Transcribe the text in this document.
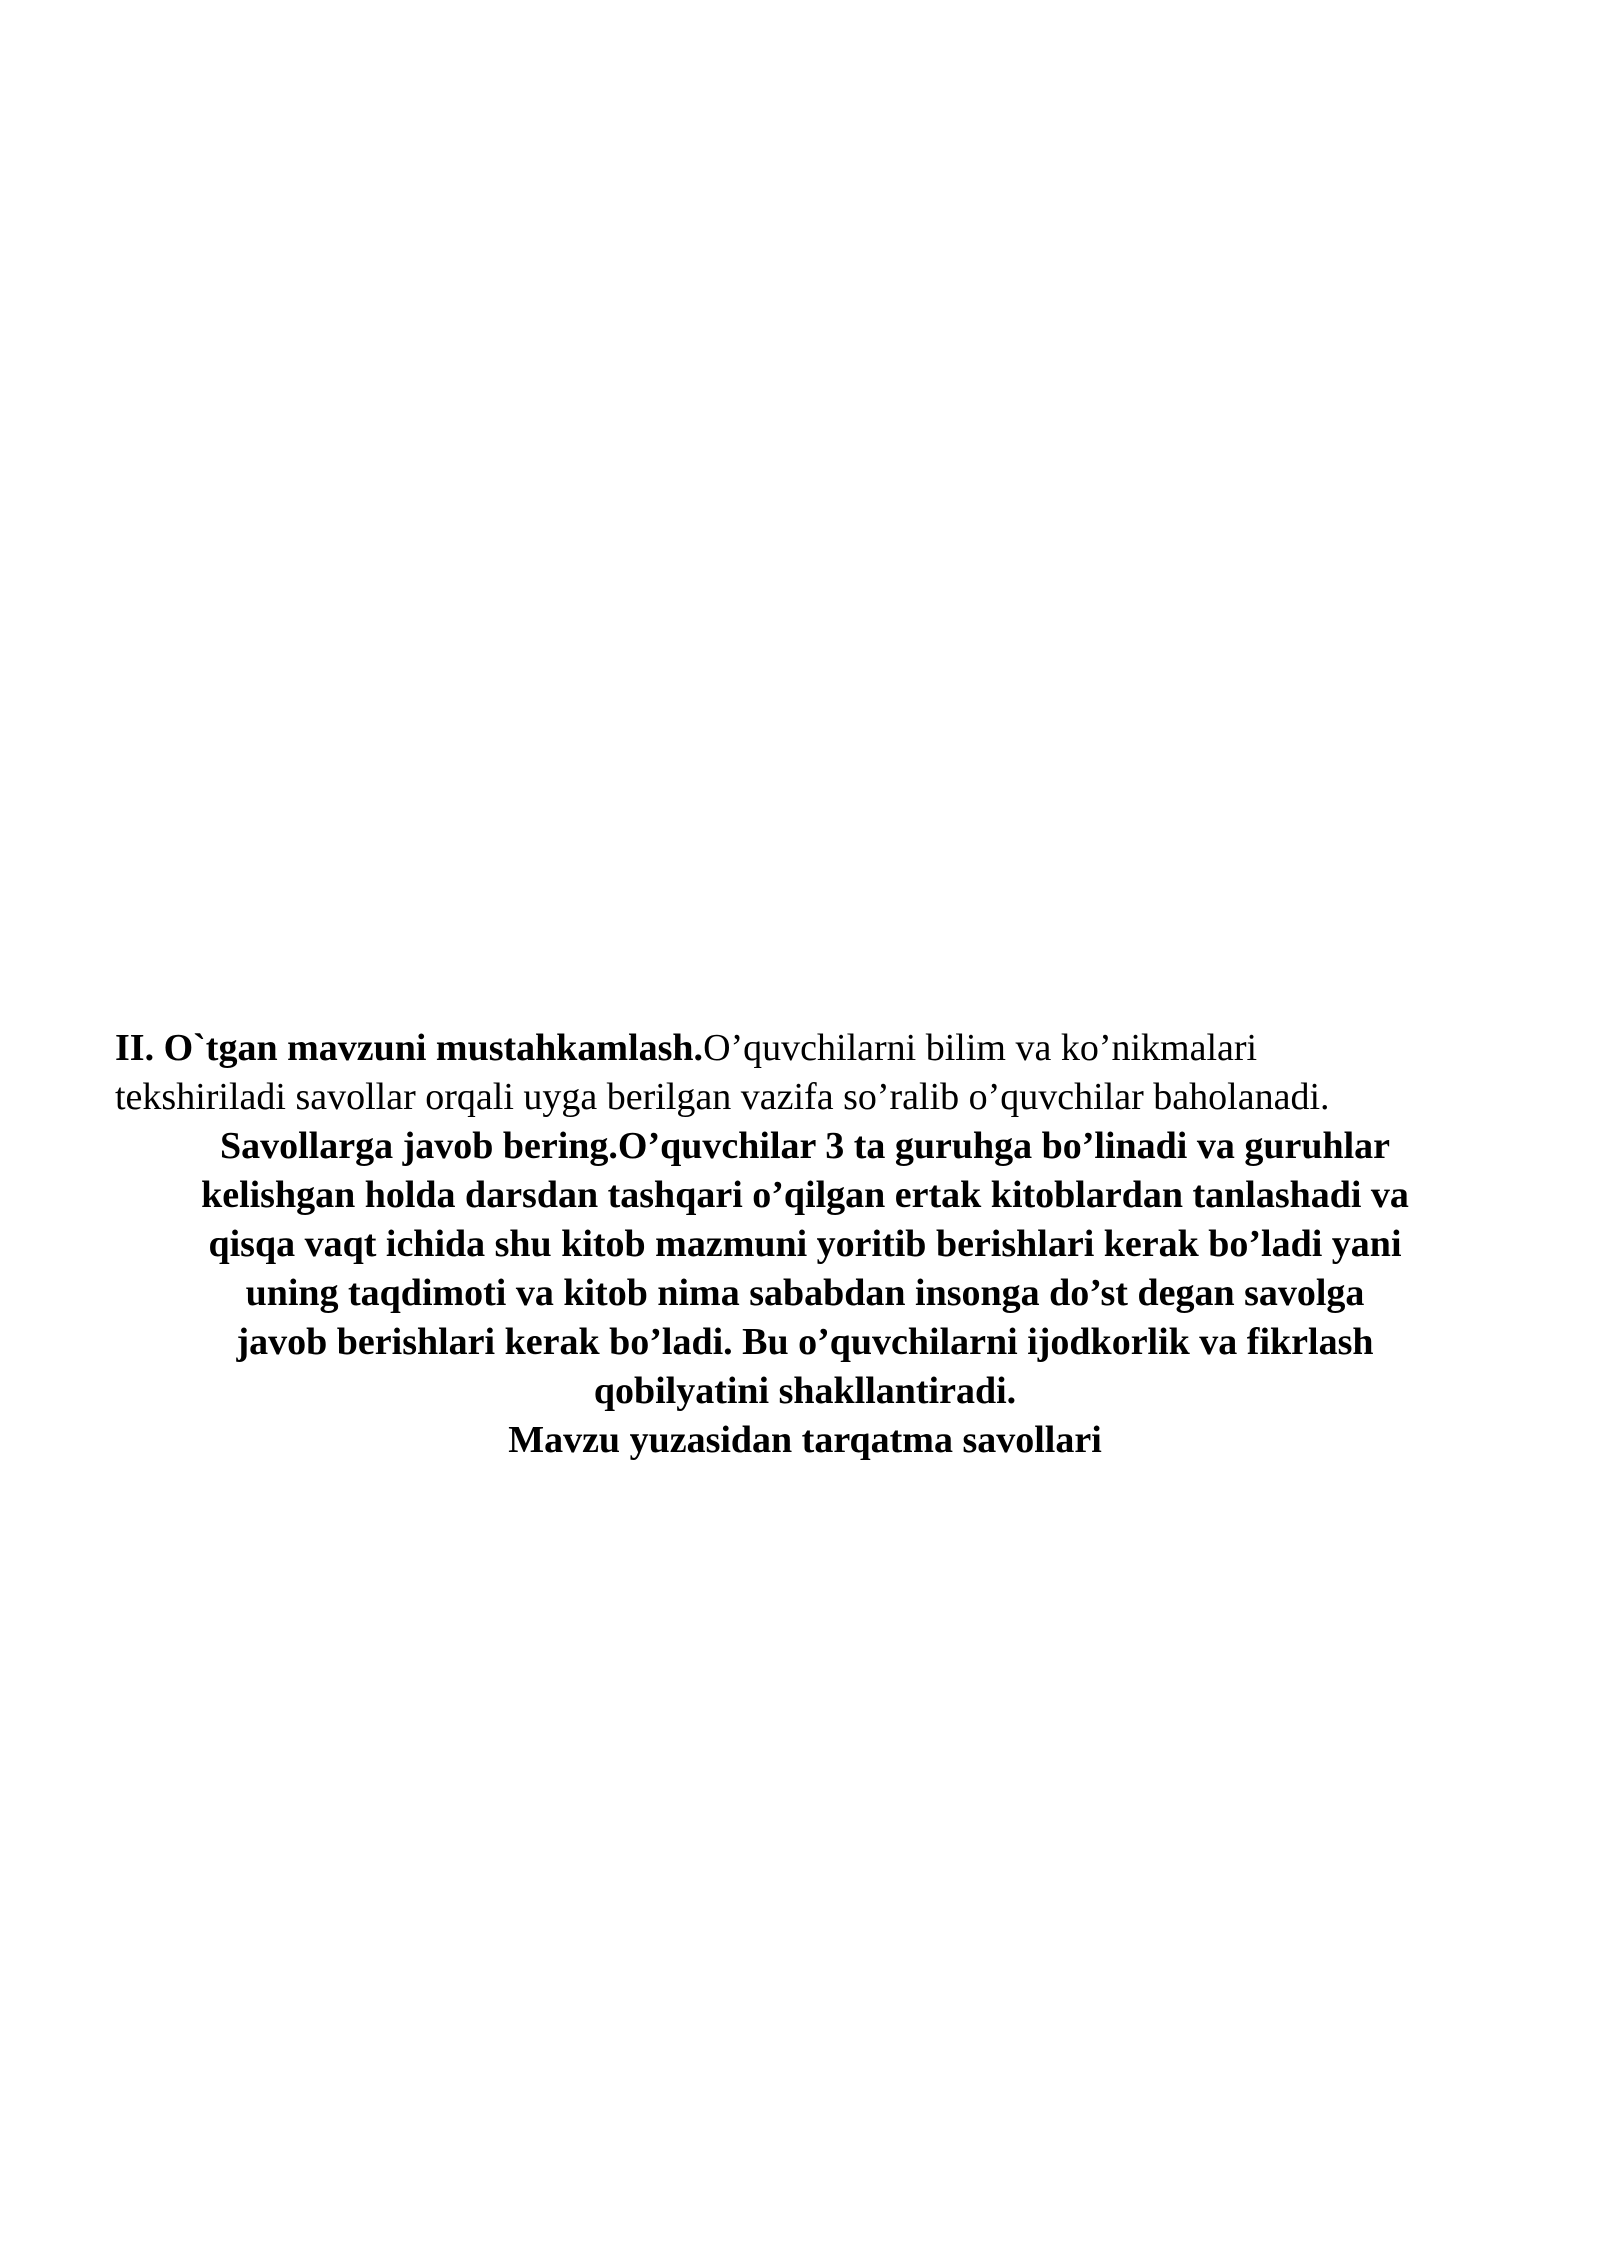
II. O`tgan mavzuni mustahkamlash.O’quvchilarni bilim va ko’nikmalari tekshiriladi savollar orqali uyga berilgan vazifa so’ralib o’quvchilar baholanadi.

Savollarga javob bering.O’quvchilar 3 ta guruhga bo’linadi va guruhlar

kelishgan holda darsdan tashqari o’qilgan ertak kitoblardan tanlashadi va

qisqa vaqt ichida shu kitob mazmuni yoritib berishlari kerak bo’ladi yani

uning taqdimoti va kitob nima sababdan insonga do’st degan savolga

javob berishlari kerak bo’ladi. Bu o’quvchilarni ijodkorlik va fikrlash

qobilyatini shakllantiradi.

Mavzu yuzasidan tarqatma savollari
